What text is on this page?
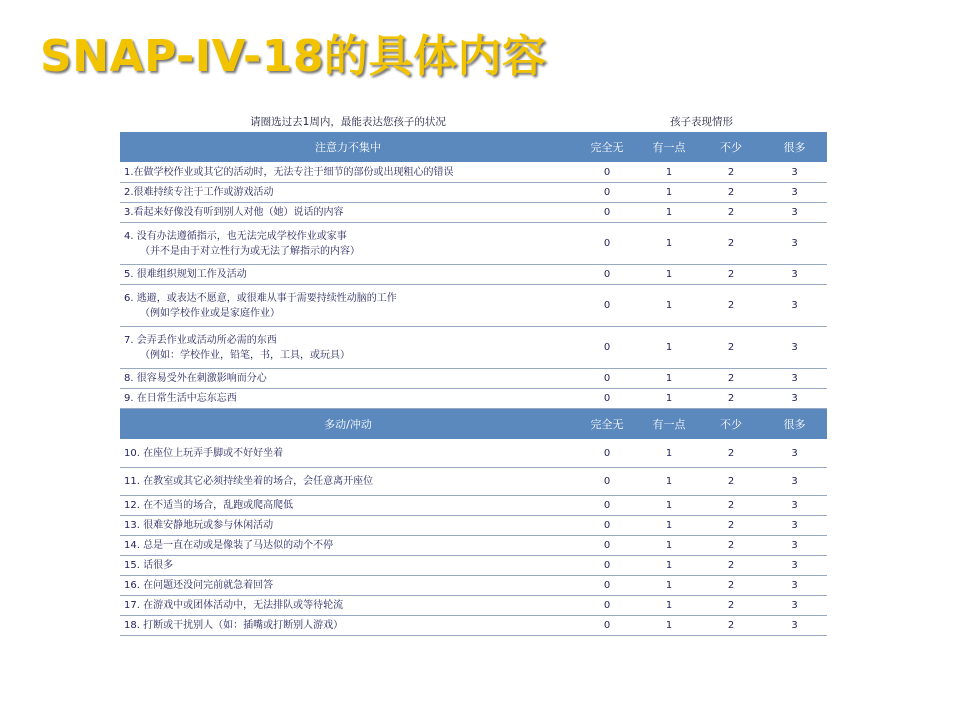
SNAP-IV-18的具体内容
请圈选过去1周内，最能表达您孩子的状况	孩子表现情形			
注意力不集中	完全无	有一点	不少	很多
1.在做学校作业或其它的活动时，无法专注于细节的部份或出现粗心的错误	0	1	2	3
2.很难持续专注于工作或游戏活动	0	1	2	3
3.看起来好像没有听到别人对他（她）说话的内容	0	1	2	3
4. 没有办法遵循指示，也无法完成学校作业或家事
（并不是由于对立性行为或无法了解指示的内容）	0	1	2	3
5. 很难组织规划工作及活动	0	1	2	3
6. 逃避，或表达不愿意，或很难从事于需要持续性动脑的工作
（例如学校作业或是家庭作业）	0	1	2	3
7. 会弄丢作业或活动所必需的东西
（例如：学校作业，铅笔，书，工具，或玩具）	0	1	2	3
8. 很容易受外在刺激影响而分心	0	1	2	3
9. 在日常生活中忘东忘西	0	1	2	3
多动/冲动	完全无	有一点	不少	很多
10. 在座位上玩弄手脚或不好好坐着	0	1	2	3
11. 在教室或其它必须持续坐着的场合，会任意离开座位	0	1	2	3
12. 在不适当的场合，乱跑或爬高爬低	0	1	2	3
13. 很难安静地玩或参与休闲活动	0	1	2	3
14. 总是一直在动或是像装了马达似的动个不停	0	1	2	3
15. 话很多	0	1	2	3
16. 在问题还没问完前就急着回答	0	1	2	3
17. 在游戏中或团体活动中，无法排队或等待轮流	0	1	2	3
18. 打断或干扰别人（如：插嘴或打断别人游戏）	0	1	2	3
